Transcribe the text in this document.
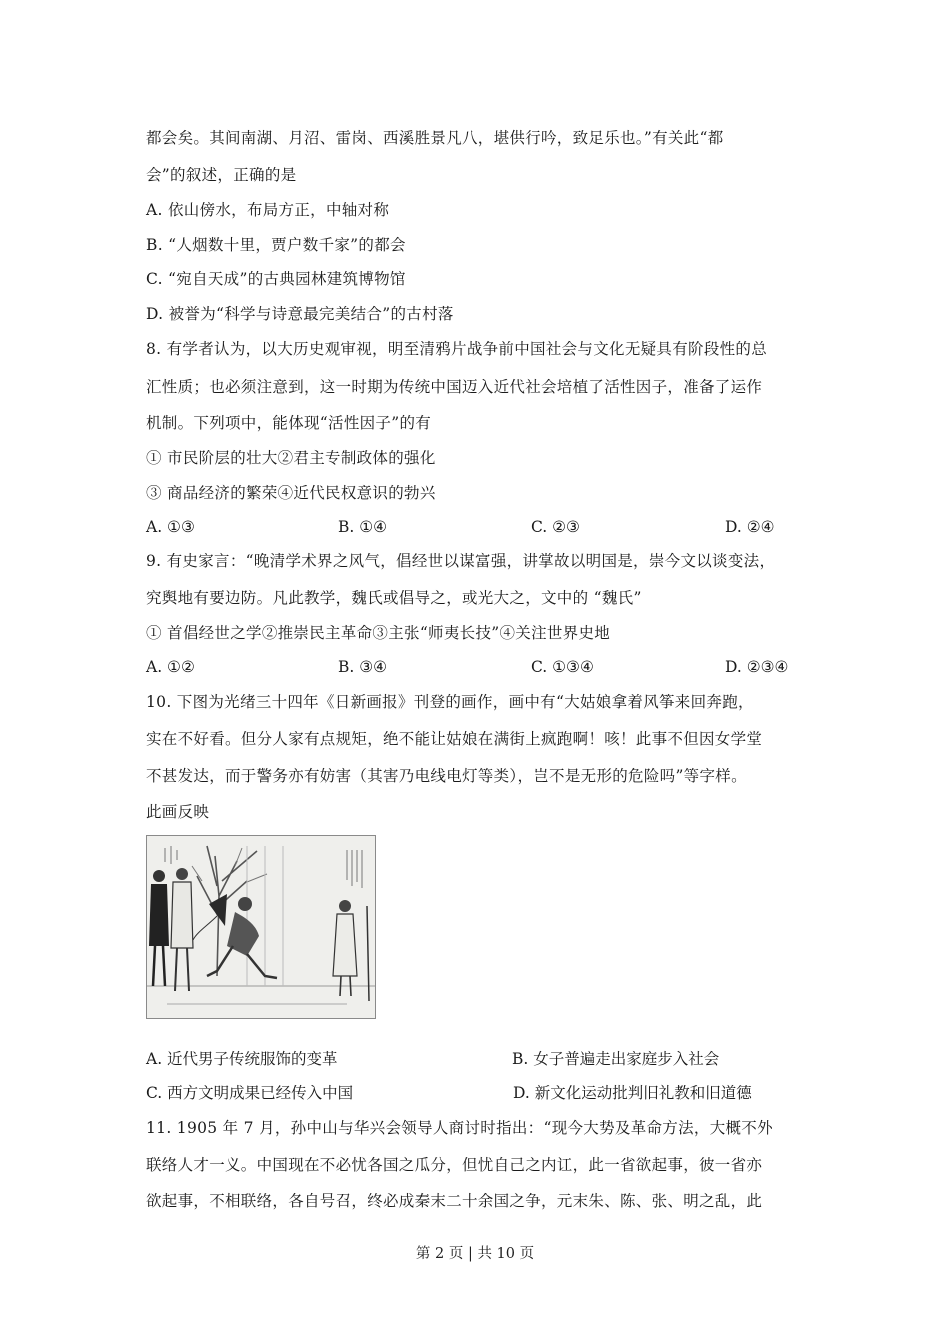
都会矣。其间南湖、月沼、雷岗、西溪胜景凡八，堪供行吟，致足乐也。”有关此“都
会”的叙述，正确的是
A. 依山傍水，布局方正，中轴对称
B. “人烟数十里，贾户数千家”的都会
C. “宛自天成”的古典园林建筑博物馆
D. 被誉为“科学与诗意最完美结合”的古村落
8. 有学者认为，以大历史观审视，明至清鸦片战争前中国社会与文化无疑具有阶段性的总
汇性质；也必须注意到，这一时期为传统中国迈入近代社会培植了活性因子，准备了运作
机制。下列项中，能体现“活性因子”的有
① 市民阶层的壮大②君主专制政体的强化
③ 商品经济的繁荣④近代民权意识的勃兴
A. ①③	B. ①④	C. ②③	D. ②④
9. 有史家言：“晚清学术界之风气，倡经世以谋富强，讲掌故以明国是，崇今文以谈变法，
究舆地有要边防。凡此教学，魏氏或倡导之，或光大之，文中的 “魏氏”
① 首倡经世之学②推崇民主革命③主张“师夷长技”④关注世界史地
A. ①②	B. ③④	C. ①③④	D. ②③④
10. 下图为光绪三十四年《日新画报》刊登的画作，画中有“大姑娘拿着风筝来回奔跑，
实在不好看。但分人家有点规矩，绝不能让姑娘在满街上疯跑啊！咳！此事不但因女学堂
不甚发达，而于警务亦有妨害（其害乃电线电灯等类），岂不是无形的危险吗”等字样。
此画反映
A. 近代男子传统服饰的变革	B. 女子普遍走出家庭步入社会
C. 西方文明成果已经传入中国	D. 新文化运动批判旧礼教和旧道德
11. 1905 年 7 月，孙中山与华兴会领导人商讨时指出：“现今大势及革命方法，大概不外
联络人才一义。中国现在不必忧各国之瓜分，但忧自己之内讧，此一省欲起事，彼一省亦
欲起事，不相联络，各自号召，终必成秦末二十余国之争，元末朱、陈、张、明之乱，此
第 2 页 | 共 10 页
